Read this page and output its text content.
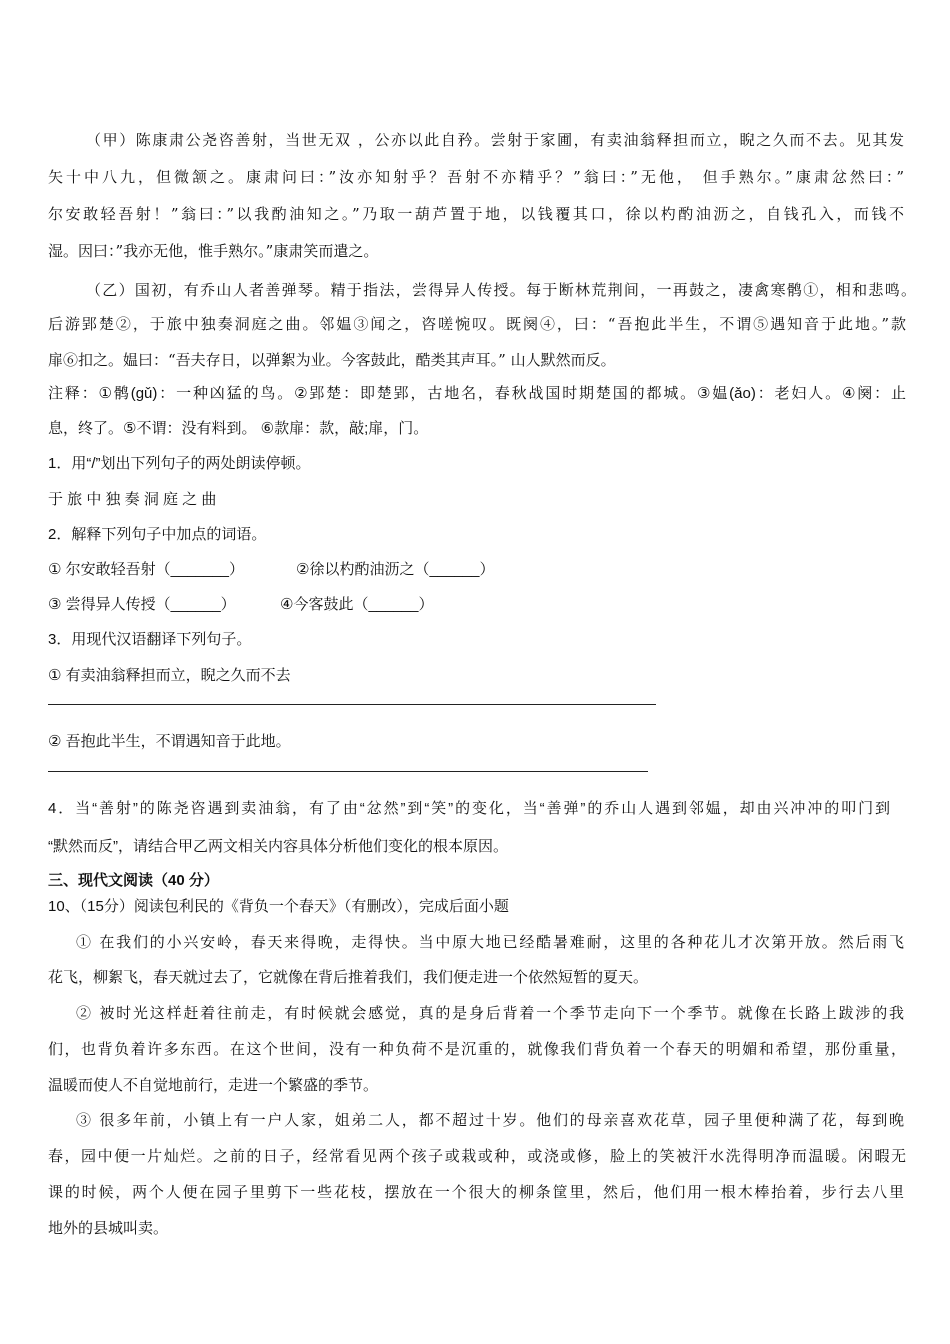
（甲）陈康肃公尧咨善射，当世无双 ，公亦以此自矜。尝射于家圃，有卖油翁释担而立，睨之久而不去。见其发
矢十中八九，但微颔之。康肃问曰：”汝亦知射乎？吾射不亦精乎？”翁曰：”无他， 但手熟尔。”康肃忿然曰：”
尔安敢轻吾射！”翁曰：”以我酌油知之。”乃取一葫芦置于地，以钱覆其口，徐以杓酌油沥之，自钱孔入，而钱不
湿。因曰：”我亦无他，惟手熟尔。”康肃笑而遣之。
（乙）国初，有乔山人者善弹琴。精于指法，尝得异人传授。每于断林荒荆间，一再鼓之，凄禽寒鹘①，相和悲鸣。
后游郢楚②，于旅中独奏洞庭之曲。邻媪③闻之，咨嗟惋叹。既阕④，曰：“吾抱此半生，不谓⑤遇知音于此地。”款
扉⑥扣之。媪曰：“吾夫存日，以弹絮为业。今客鼓此，酷类其声耳。” 山人默然而反。
注释：①鹘(gǔ)：一种凶猛的鸟。②郢楚：即楚郢，古地名，春秋战国时期楚国的都城。③媪(ǎo)：老妇人。④阕：止
息，终了。⑤不谓：没有料到。 ⑥款扉：款，敲;扉，门。
1．用“/”划出下列句子的两处朗读停顿。
于 旅 中 独 奏 洞 庭 之 曲
2．解释下列句子中加点的词语。
① 尔安敢轻吾射（_______）	②徐以杓酌油沥之（______）
③ 尝得异人传授（______）	④今客鼓此（______）
3．用现代汉语翻译下列句子。
① 有卖油翁释担而立，睨之久而不去
② 吾抱此半生，不谓遇知音于此地。
4．当“善射”的陈尧咨遇到卖油翁，有了由“忿然”到“笑”的变化，当“善弹”的乔山人遇到邻媪，却由兴冲冲的叩门到
“默然而反”，请结合甲乙两文相关内容具体分析他们变化的根本原因。
三、现代文阅读（40 分）
10、（15分）阅读包利民的《背负一个春天》（有删改），完成后面小题
① 在我们的小兴安岭，春天来得晚，走得快。当中原大地已经酷暑难耐，这里的各种花儿才次第开放。然后雨飞
花飞，柳絮飞，春天就过去了，它就像在背后推着我们，我们便走进一个依然短暂的夏天。
② 被时光这样赶着往前走，有时候就会感觉，真的是身后背着一个季节走向下一个季节。就像在长路上跋涉的我
们，也背负着许多东西。在这个世间，没有一种负荷不是沉重的，就像我们背负着一个春天的明媚和希望，那份重量，
温暖而使人不自觉地前行，走进一个繁盛的季节。
③ 很多年前，小镇上有一户人家，姐弟二人，都不超过十岁。他们的母亲喜欢花草，园子里便种满了花，每到晚
春，园中便一片灿烂。之前的日子，经常看见两个孩子或栽或种，或浇或修，脸上的笑被汗水洗得明净而温暖。闲暇无
课的时候，两个人便在园子里剪下一些花枝，摆放在一个很大的柳条筐里，然后，他们用一根木棒抬着，步行去八里
地外的县城叫卖。
